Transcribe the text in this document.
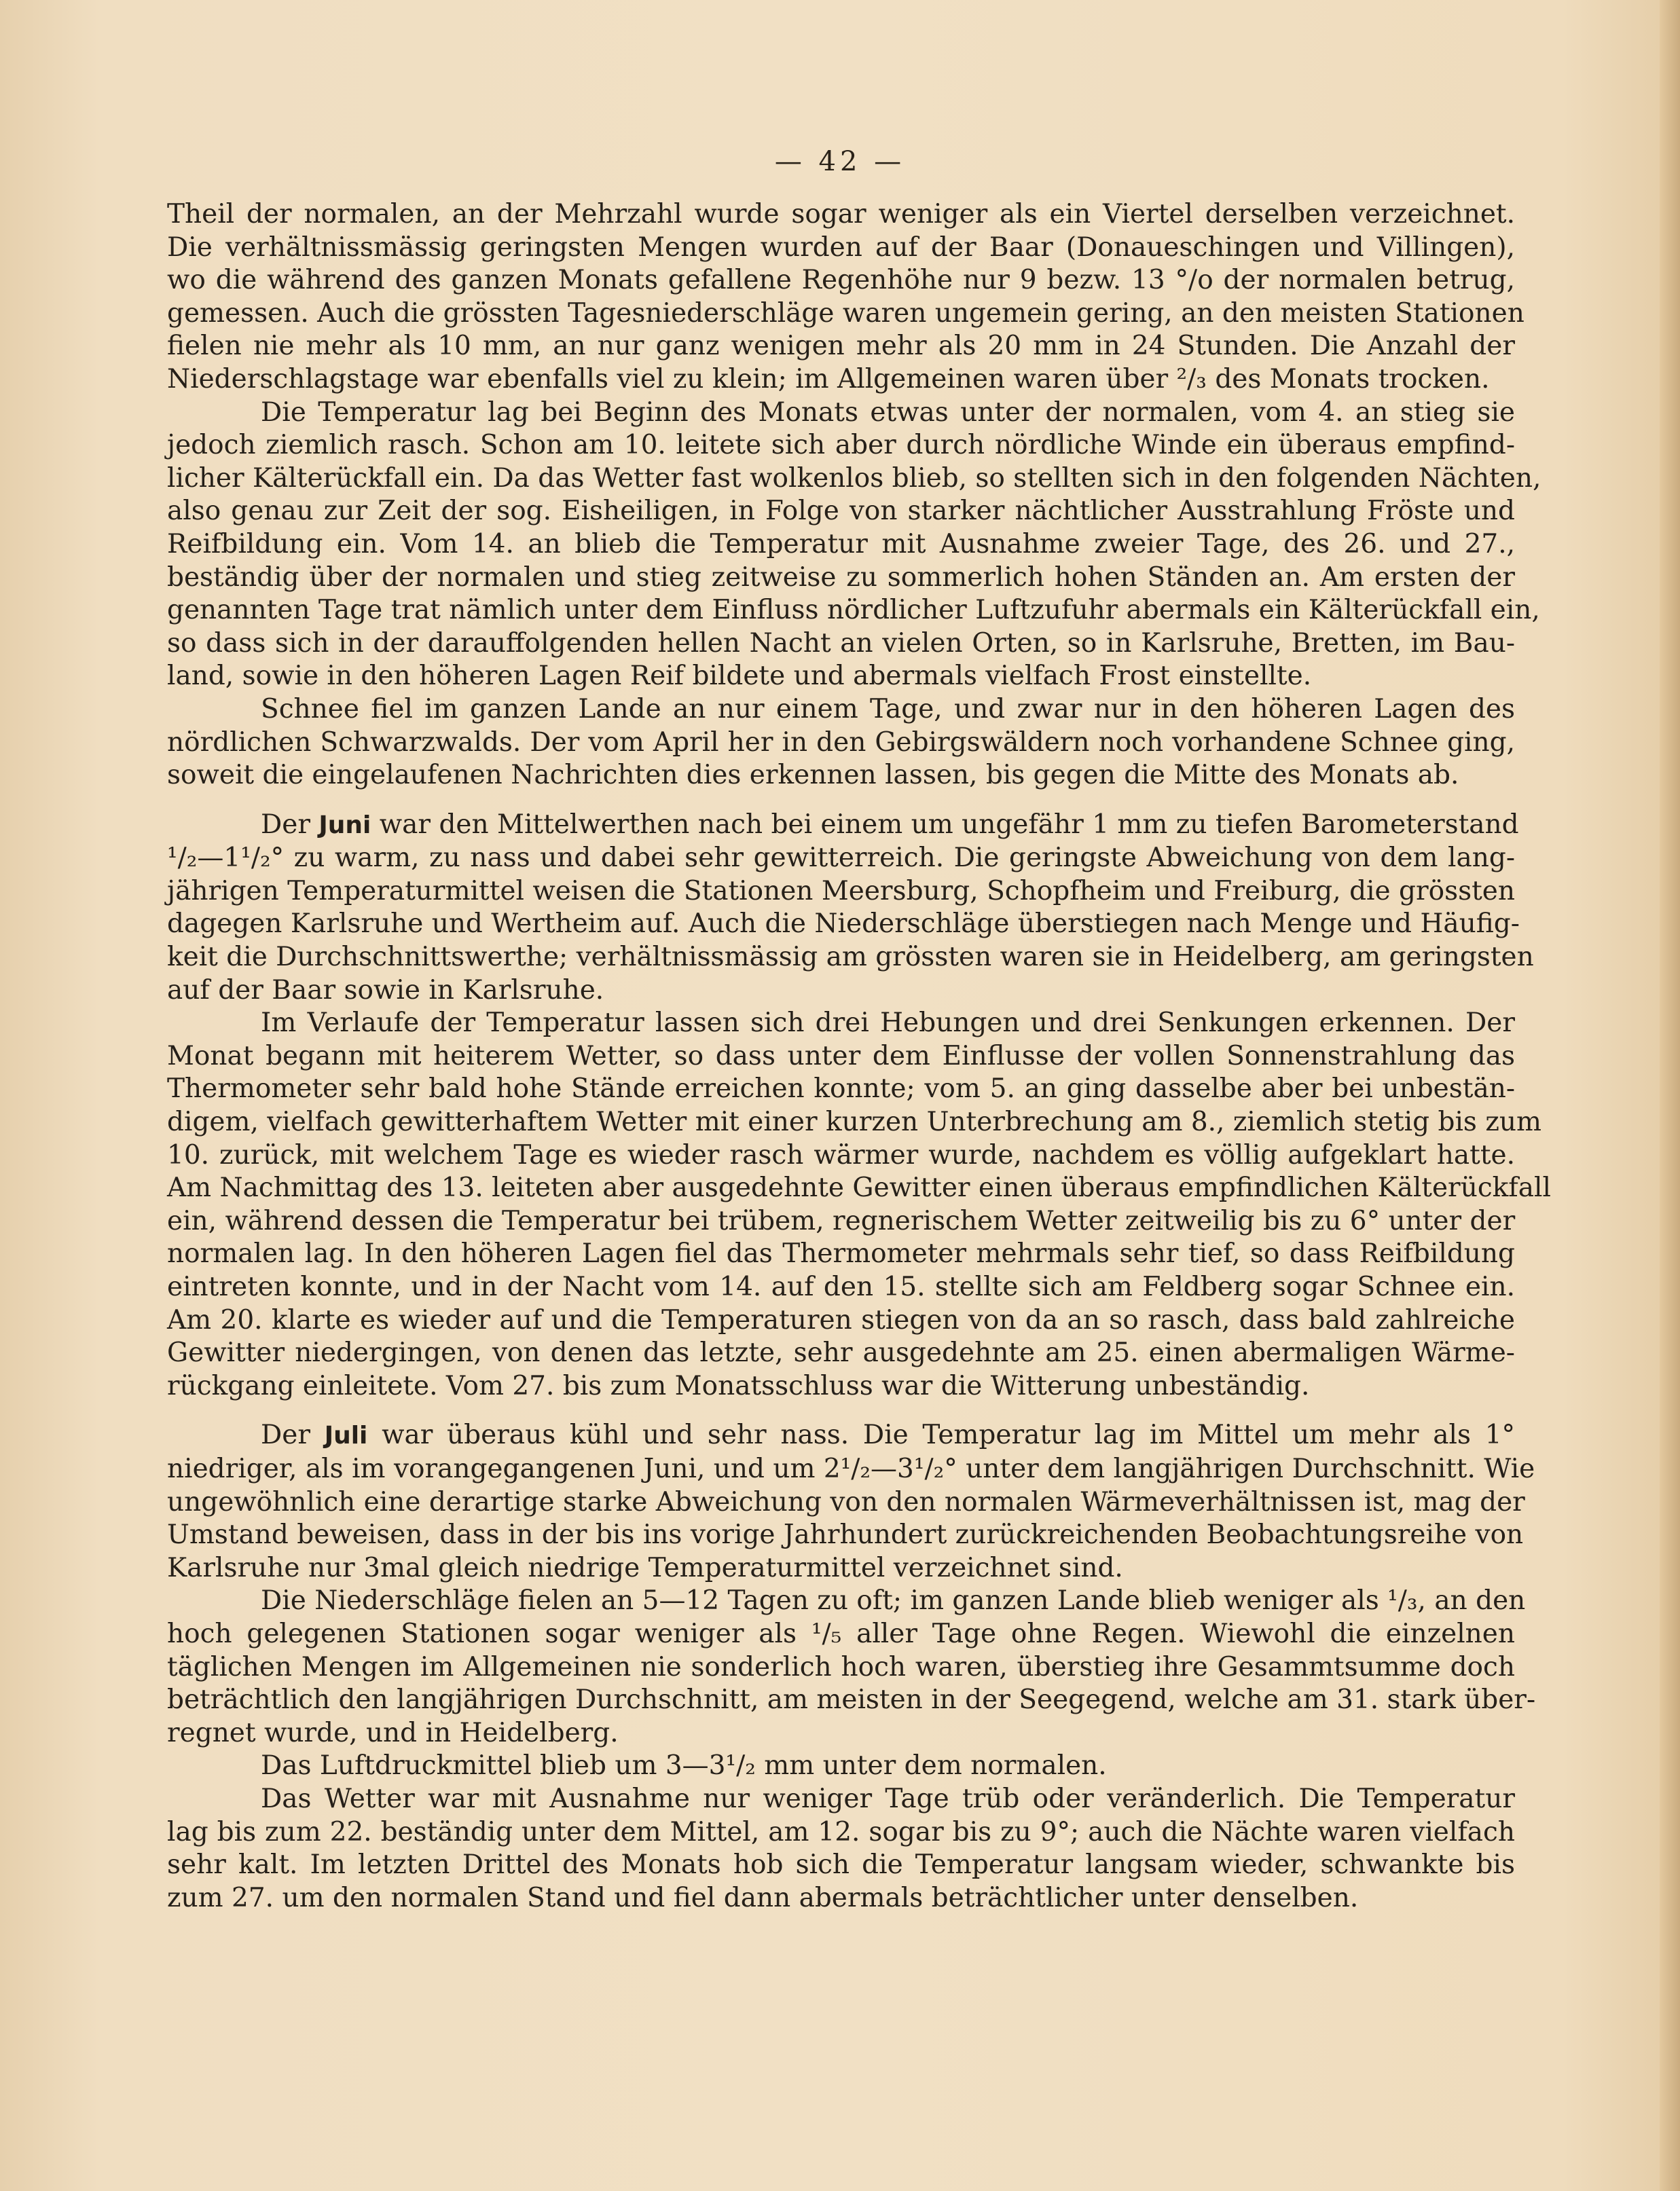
— 42 —
Theil der normalen, an der Mehrzahl wurde sogar weniger als ein Viertel derselben verzeichnet.
Die verhältnissmässig geringsten Mengen wurden auf der Baar (Donaueschingen und Villingen),
wo die während des ganzen Monats gefallene Regenhöhe nur 9 bezw. 13 °/o der normalen betrug,
gemessen. Auch die grössten Tagesniederschläge waren ungemein gering, an den meisten Stationen
fielen nie mehr als 10 mm, an nur ganz wenigen mehr als 20 mm in 24 Stunden. Die Anzahl der
Niederschlagstage war ebenfalls viel zu klein; im Allgemeinen waren über ²/₃ des Monats trocken.
Die Temperatur lag bei Beginn des Monats etwas unter der normalen, vom 4. an stieg sie
jedoch ziemlich rasch. Schon am 10. leitete sich aber durch nördliche Winde ein überaus empfind-
licher Kälterückfall ein. Da das Wetter fast wolkenlos blieb, so stellten sich in den folgenden Nächten,
also genau zur Zeit der sog. Eisheiligen, in Folge von starker nächtlicher Ausstrahlung Fröste und
Reifbildung ein. Vom 14. an blieb die Temperatur mit Ausnahme zweier Tage, des 26. und 27.,
beständig über der normalen und stieg zeitweise zu sommerlich hohen Ständen an. Am ersten der
genannten Tage trat nämlich unter dem Einfluss nördlicher Luftzufuhr abermals ein Kälterückfall ein,
so dass sich in der darauffolgenden hellen Nacht an vielen Orten, so in Karlsruhe, Bretten, im Bau-
land, sowie in den höheren Lagen Reif bildete und abermals vielfach Frost einstellte.
Schnee fiel im ganzen Lande an nur einem Tage, und zwar nur in den höheren Lagen des
nördlichen Schwarzwalds. Der vom April her in den Gebirgswäldern noch vorhandene Schnee ging,
soweit die eingelaufenen Nachrichten dies erkennen lassen, bis gegen die Mitte des Monats ab.
Der Juni war den Mittelwerthen nach bei einem um ungefähr 1 mm zu tiefen Barometerstand
¹/₂—1¹/₂° zu warm, zu nass und dabei sehr gewitterreich. Die geringste Abweichung von dem lang-
jährigen Temperaturmittel weisen die Stationen Meersburg, Schopfheim und Freiburg, die grössten
dagegen Karlsruhe und Wertheim auf. Auch die Niederschläge überstiegen nach Menge und Häufig-
keit die Durchschnittswerthe; verhältnissmässig am grössten waren sie in Heidelberg, am geringsten
auf der Baar sowie in Karlsruhe.
Im Verlaufe der Temperatur lassen sich drei Hebungen und drei Senkungen erkennen. Der
Monat begann mit heiterem Wetter, so dass unter dem Einflusse der vollen Sonnenstrahlung das
Thermometer sehr bald hohe Stände erreichen konnte; vom 5. an ging dasselbe aber bei unbestän-
digem, vielfach gewitterhaftem Wetter mit einer kurzen Unterbrechung am 8., ziemlich stetig bis zum
10. zurück, mit welchem Tage es wieder rasch wärmer wurde, nachdem es völlig aufgeklart hatte.
Am Nachmittag des 13. leiteten aber ausgedehnte Gewitter einen überaus empfindlichen Kälterückfall
ein, während dessen die Temperatur bei trübem, regnerischem Wetter zeitweilig bis zu 6° unter der
normalen lag. In den höheren Lagen fiel das Thermometer mehrmals sehr tief, so dass Reifbildung
eintreten konnte, und in der Nacht vom 14. auf den 15. stellte sich am Feldberg sogar Schnee ein.
Am 20. klarte es wieder auf und die Temperaturen stiegen von da an so rasch, dass bald zahlreiche
Gewitter niedergingen, von denen das letzte, sehr ausgedehnte am 25. einen abermaligen Wärme-
rückgang einleitete. Vom 27. bis zum Monatsschluss war die Witterung unbeständig.
Der Juli war überaus kühl und sehr nass. Die Temperatur lag im Mittel um mehr als 1°
niedriger, als im vorangegangenen Juni, und um 2¹/₂—3¹/₂° unter dem langjährigen Durchschnitt. Wie
ungewöhnlich eine derartige starke Abweichung von den normalen Wärmeverhältnissen ist, mag der
Umstand beweisen, dass in der bis ins vorige Jahrhundert zurückreichenden Beobachtungsreihe von
Karlsruhe nur 3mal gleich niedrige Temperaturmittel verzeichnet sind.
Die Niederschläge fielen an 5—12 Tagen zu oft; im ganzen Lande blieb weniger als ¹/₃, an den
hoch gelegenen Stationen sogar weniger als ¹/₅ aller Tage ohne Regen. Wiewohl die einzelnen
täglichen Mengen im Allgemeinen nie sonderlich hoch waren, überstieg ihre Gesammtsumme doch
beträchtlich den langjährigen Durchschnitt, am meisten in der Seegegend, welche am 31. stark über-
regnet wurde, und in Heidelberg.
Das Luftdruckmittel blieb um 3—3¹/₂ mm unter dem normalen.
Das Wetter war mit Ausnahme nur weniger Tage trüb oder veränderlich. Die Temperatur
lag bis zum 22. beständig unter dem Mittel, am 12. sogar bis zu 9°; auch die Nächte waren vielfach
sehr kalt. Im letzten Drittel des Monats hob sich die Temperatur langsam wieder, schwankte bis
zum 27. um den normalen Stand und fiel dann abermals beträchtlicher unter denselben.
